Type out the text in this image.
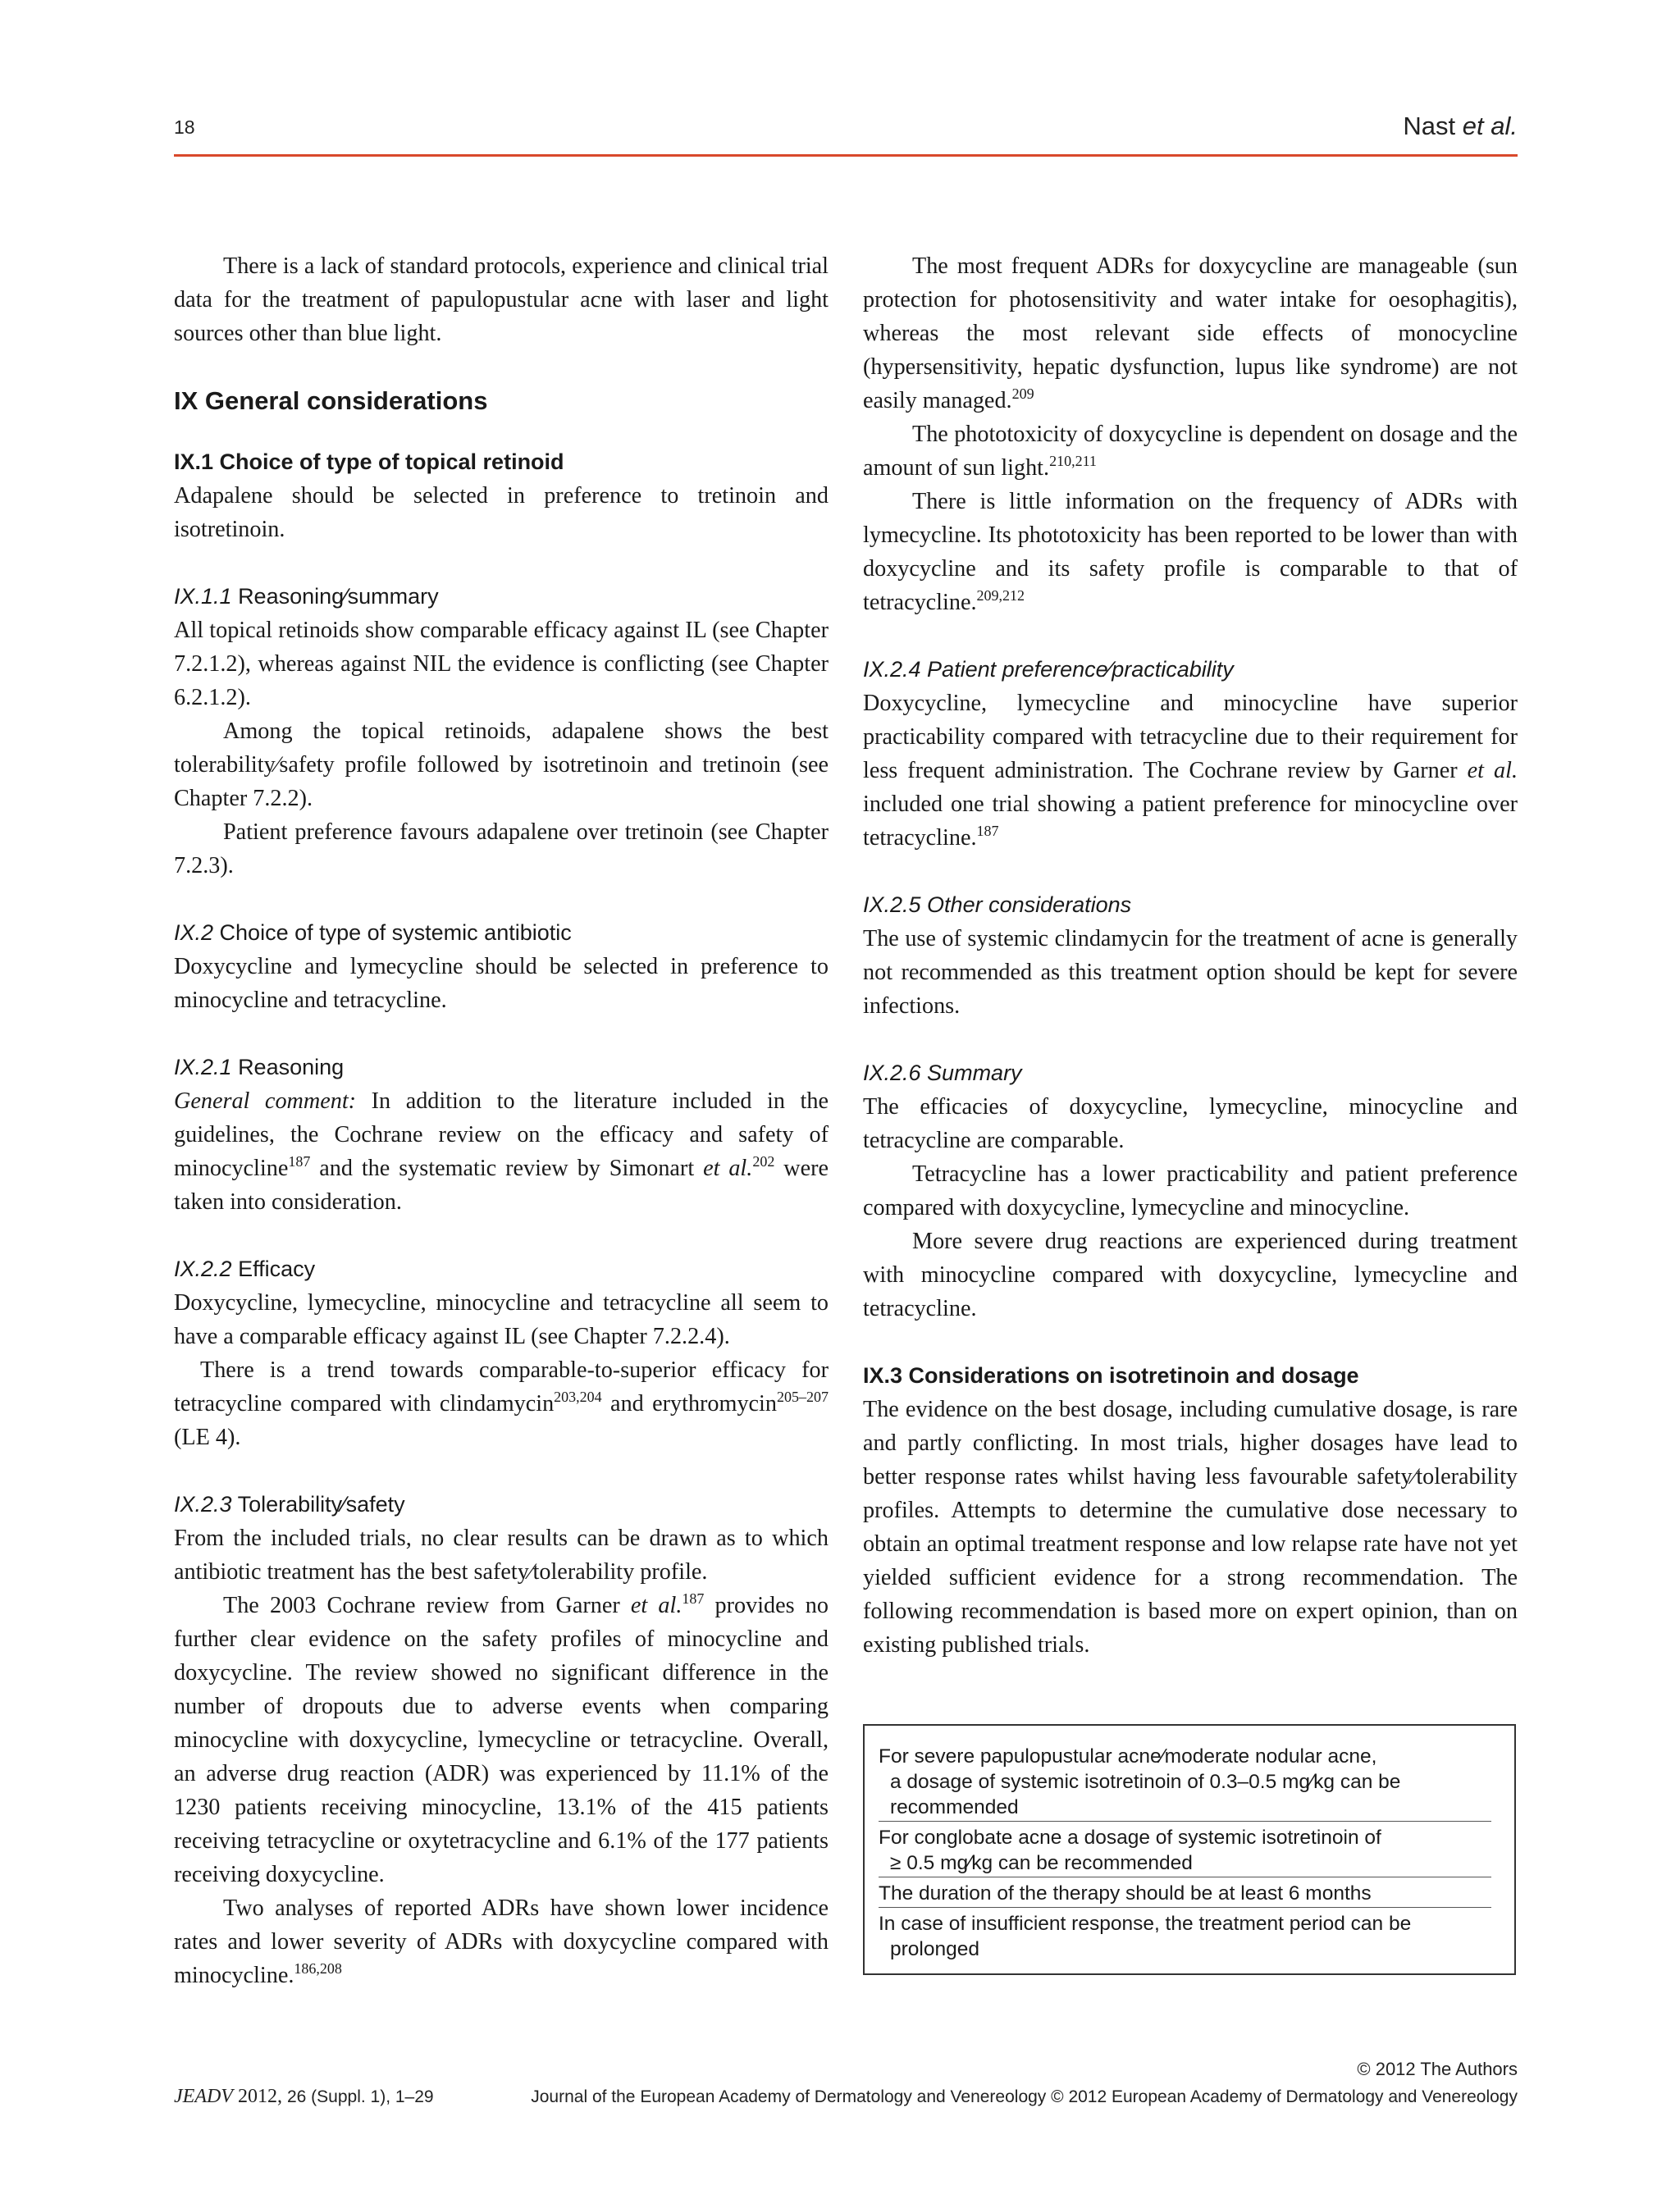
18	Nast et al.

There is a lack of standard protocols, experience and clinical trial data for the treatment of papulopustular acne with laser and light sources other than blue light.

IX General considerations
IX.1 Choice of type of topical retinoid

Adapalene should be selected in preference to tretinoin and isotretinoin.

IX.1.1 Reasoning∕summary

All topical retinoids show comparable efficacy against IL (see Chapter 7.2.1.2), whereas against NIL the evidence is conflicting (see Chapter 6.2.1.2).

Among the topical retinoids, adapalene shows the best tolerability∕safety profile followed by isotretinoin and tretinoin (see Chapter 7.2.2).

Patient preference favours adapalene over tretinoin (see Chapter 7.2.3).

IX.2 Choice of type of systemic antibiotic

Doxycycline and lymecycline should be selected in preference to minocycline and tetracycline.

IX.2.1 Reasoning

General comment: In addition to the literature included in the guidelines, the Cochrane review on the efficacy and safety of minocycline$^{187}$ and the systematic review by Simonart et al.$^{202}$ were taken into consideration.

IX.2.2 Efficacy

Doxycycline, lymecycline, minocycline and tetracycline all seem to have a comparable efficacy against IL (see Chapter 7.2.2.4).

There is a trend towards comparable-to-superior efficacy for tetracycline compared with clindamycin$^{203,204}$ and erythromycin$^{205-207}$ (LE 4).

IX.2.3 Tolerability∕safety

From the included trials, no clear results can be drawn as to which antibiotic treatment has the best safety∕tolerability profile.

The 2003 Cochrane review from Garner et al.$^{187}$ provides no further clear evidence on the safety profiles of minocycline and doxycycline. The review showed no significant difference in the number of dropouts due to adverse events when comparing minocycline with doxycycline, lymecycline or tetracycline. Overall, an adverse drug reaction (ADR) was experienced by 11.1% of the 1230 patients receiving minocycline, 13.1% of the 415 patients receiving tetracycline or oxytetracycline and 6.1% of the 177 patients receiving doxycycline.

Two analyses of reported ADRs have shown lower incidence rates and lower severity of ADRs with doxycycline compared with minocycline.$^{186,208}$

The most frequent ADRs for doxycycline are manageable (sun protection for photosensitivity and water intake for oesophagitis), whereas the most relevant side effects of monocycline (hypersensitivity, hepatic dysfunction, lupus like syndrome) are not easily managed.$^{209}$

The phototoxicity of doxycycline is dependent on dosage and the amount of sun light.$^{210,211}$

There is little information on the frequency of ADRs with lymecycline. Its phototoxicity has been reported to be lower than with doxycycline and its safety profile is comparable to that of tetracycline.$^{209,212}$

IX.2.4 Patient preference∕practicability

Doxycycline, lymecycline and minocycline have superior practicability compared with tetracycline due to their requirement for less frequent administration. The Cochrane review by Garner et al. included one trial showing a patient preference for minocycline over tetracycline.$^{187}$

IX.2.5 Other considerations

The use of systemic clindamycin for the treatment of acne is generally not recommended as this treatment option should be kept for severe infections.

IX.2.6 Summary

The efficacies of doxycycline, lymecycline, minocycline and tetracycline are comparable.

Tetracycline has a lower practicability and patient preference compared with doxycycline, lymecycline and minocycline.

More severe drug reactions are experienced during treatment with minocycline compared with doxycycline, lymecycline and tetracycline.

IX.3 Considerations on isotretinoin and dosage

The evidence on the best dosage, including cumulative dosage, is rare and partly conflicting. In most trials, higher dosages have lead to better response rates whilst having less favourable safety∕tolerability profiles. Attempts to determine the cumulative dose necessary to obtain an optimal treatment response and low relapse rate have not yet yielded sufficient evidence for a strong recommendation. The following recommendation is based more on expert opinion, than on existing published trials.

For severe papulopustular acne∕moderate nodular acne,
a dosage of systemic isotretinoin of 0.3–0.5 mg∕kg can be
recommended
For conglobate acne a dosage of systemic isotretinoin of
≥ 0.5 mg∕kg can be recommended
The duration of the therapy should be at least 6 months
In case of insufficient response, the treatment period can be
prolonged
© 2012 The Authors
JEADV 2012, 26 (Suppl. 1), 1–29	Journal of the European Academy of Dermatology and Venereology © 2012 European Academy of Dermatology and Venereology
